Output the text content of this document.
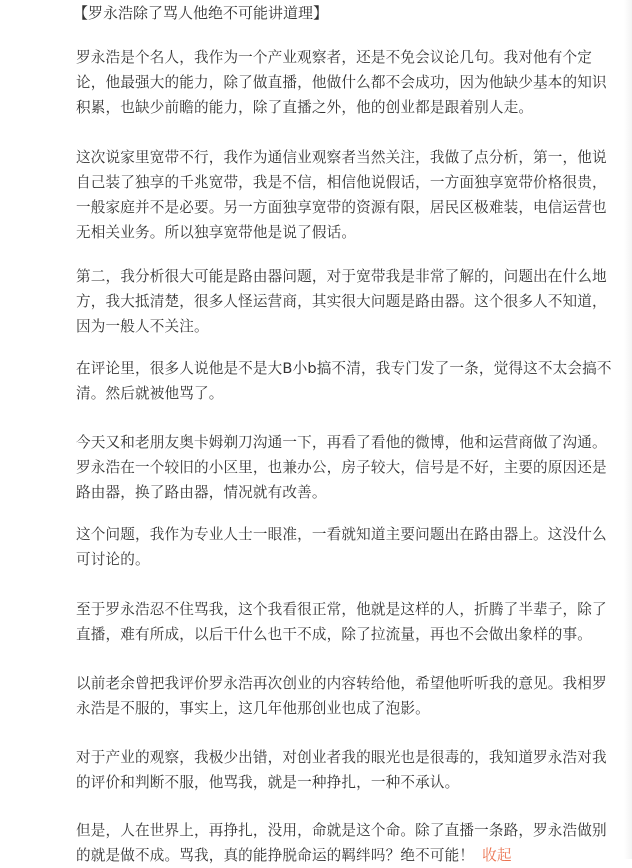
【罗永浩除了骂人他绝不可能讲道理】

罗永浩是个名人，我作为一个产业观察者，还是不免会议论几句。我对他有个定论，他最强大的能力，除了做直播，他做什么都不会成功，因为他缺少基本的知识积累，也缺少前瞻的能力，除了直播之外，他的创业都是跟着别人走。

这次说家里宽带不行，我作为通信业观察者当然关注，我做了点分析，第一，他说自己装了独享的千兆宽带，我是不信，相信他说假话，一方面独享宽带价格很贵，一般家庭并不是必要。另一方面独享宽带的资源有限，居民区极难装，电信运营也无相关业务。所以独享宽带他是说了假话。

第二，我分析很大可能是路由器问题，对于宽带我是非常了解的，问题出在什么地方，我大抵清楚，很多人怪运营商，其实很大问题是路由器。这个很多人不知道，因为一般人不关注。

在评论里，很多人说他是不是大B小b搞不清，我专门发了一条，觉得这不太会搞不清。然后就被他骂了。

今天又和老朋友奥卡姆剃刀沟通一下，再看了看他的微博，他和运营商做了沟通。罗永浩在一个较旧的小区里，也兼办公，房子较大，信号是不好，主要的原因还是路由器，换了路由器，情况就有改善。

这个问题，我作为专业人士一眼准，一看就知道主要问题出在路由器上。这没什么可讨论的。

至于罗永浩忍不住骂我，这个我看很正常，他就是这样的人，折腾了半辈子，除了直播，难有所成，以后干什么也干不成，除了拉流量，再也不会做出象样的事。

以前老余曾把我评价罗永浩再次创业的内容转给他，希望他听听我的意见。我相罗永浩是不服的，事实上，这几年他那创业也成了泡影。

对于产业的观察，我极少出错，对创业者我的眼光也是很毒的，我知道罗永浩对我的评价和判断不服，他骂我，就是一种挣扎，一种不承认。

但是，人在世界上，再挣扎，没用，命就是这个命。除了直播一条路，罗永浩做别的就是做不成。骂我，真的能挣脱命运的羁绊吗？绝不可能！ 收起
